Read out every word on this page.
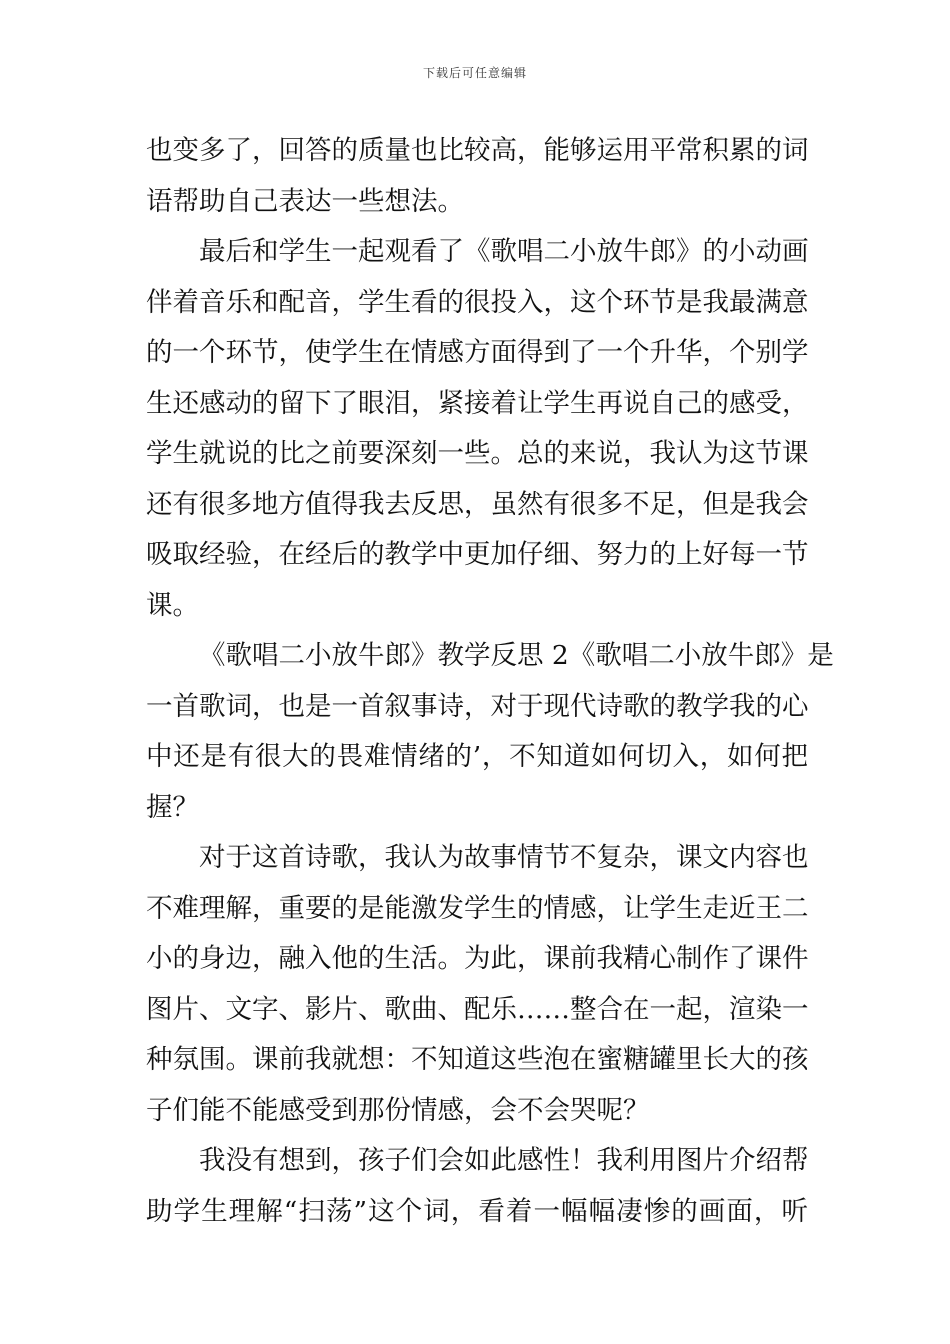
下载后可任意编辑
也变多了，回答的质量也比较高，能够运用平常积累的词
语帮助自己表达一些想法。
最后和学生一起观看了《歌唱二小放牛郎》的小动画
伴着音乐和配音，学生看的很投入，这个环节是我最满意
的一个环节，使学生在情感方面得到了一个升华，个别学
生还感动的留下了眼泪，紧接着让学生再说自己的感受，
学生就说的比之前要深刻一些。总的来说，我认为这节课
还有很多地方值得我去反思，虽然有很多不足，但是我会
吸取经验，在经后的教学中更加仔细、努力的上好每一节
课。
《歌唱二小放牛郎》教学反思 2《歌唱二小放牛郎》是
一首歌词，也是一首叙事诗，对于现代诗歌的教学我的心
中还是有很大的畏难情绪的’，不知道如何切入，如何把
握？
对于这首诗歌，我认为故事情节不复杂，课文内容也
不难理解，重要的是能激发学生的情感，让学生走近王二
小的身边，融入他的生活。为此，课前我精心制作了课件
图片、文字、影片、歌曲、配乐……整合在一起，渲染一
种氛围。课前我就想：不知道这些泡在蜜糖罐里长大的孩
子们能不能感受到那份情感，会不会哭呢？
我没有想到，孩子们会如此感性！我利用图片介绍帮
助学生理解“扫荡”这个词，看着一幅幅凄惨的画面，听
